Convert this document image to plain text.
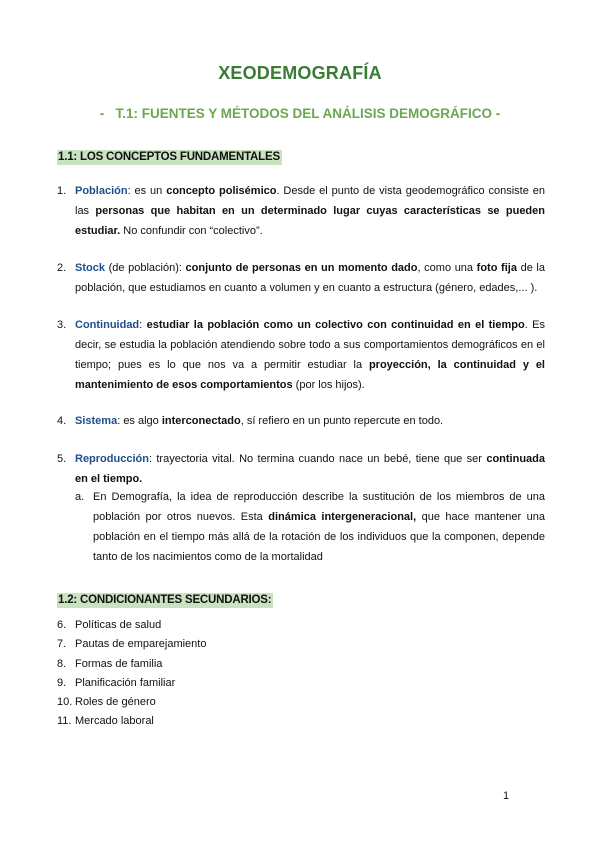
XEODEMOGRAFÍA
-   T.1: FUENTES Y MÉTODOS DEL ANÁLISIS DEMOGRÁFICO -
1.1: LOS CONCEPTOS FUNDAMENTALES
1. Población: es un concepto polisémico. Desde el punto de vista geodemográfico consiste en las personas que habitan en un determinado lugar cuyas características se pueden estudiar. No confundir con “colectivo”.
2. Stock (de población): conjunto de personas en un momento dado, como una foto fija de la población, que estudiamos en cuanto a volumen y en cuanto a estructura (género, edades,... ).
3. Continuidad: estudiar la población como un colectivo con continuidad en el tiempo. Es decir, se estudia la población atendiendo sobre todo a sus comportamientos demográficos en el tiempo; pues es lo que nos va a permitir estudiar la proyección, la continuidad y el mantenimiento de esos comportamientos (por los hijos).
4. Sistema: es algo interconectado, sí refiero en un punto repercute en todo.
5. Reproducción: trayectoria vital. No termina cuando nace un bebé, tiene que ser continuada en el tiempo.
a. En Demografía, la idea de reproducción describe la sustitución de los miembros de una población por otros nuevos. Esta dinámica intergeneracional, que hace mantener una población en el tiempo más allá de la rotación de los individuos que la componen, depende tanto de los nacimientos como de la mortalidad
1.2: CONDICIONANTES SECUNDARIOS:
6. Políticas de salud
7. Pautas de emparejamiento
8. Formas de familia
9. Planificación familiar
10. Roles de género
11. Mercado laboral
1
